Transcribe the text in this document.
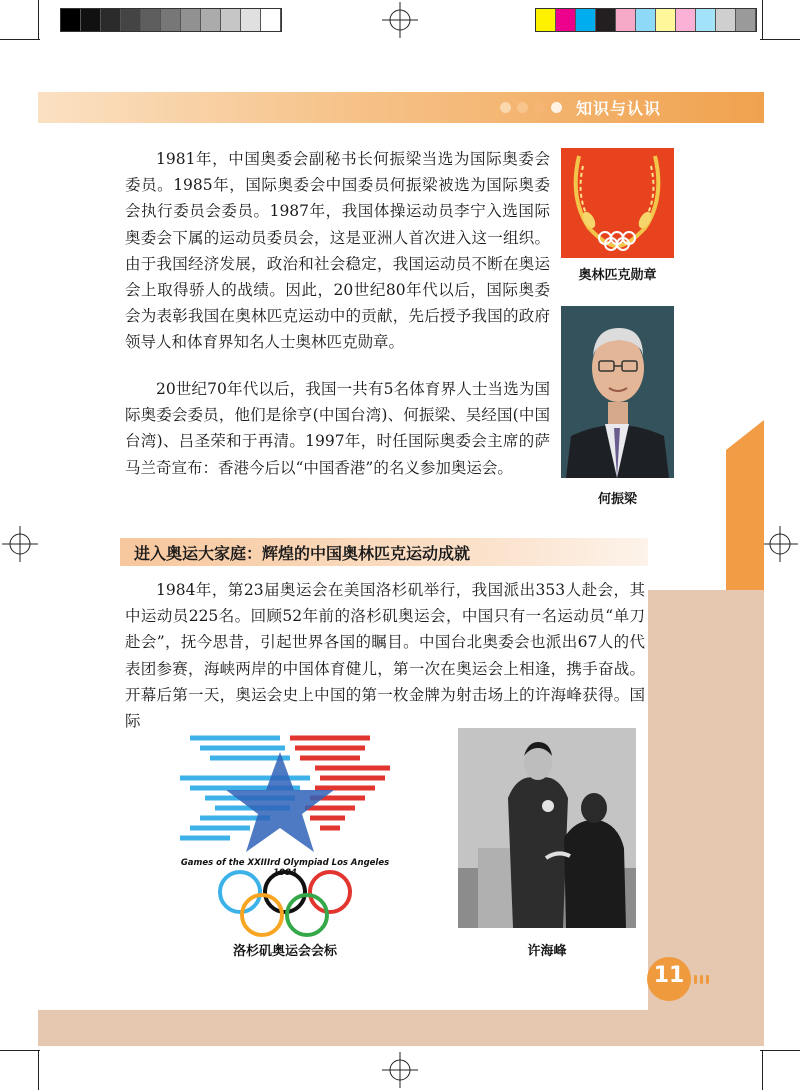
知识与认识

1981年，中国奥委会副秘书长何振梁当选为国际奥委会委员。1985年，国际奥委会中国委员何振梁被选为国际奥委会执行委员会委员。1987年，我国体操运动员李宁入选国际奥委会下属的运动员委员会，这是亚洲人首次进入这一组织。由于我国经济发展，政治和社会稳定，我国运动员不断在奥运会上取得骄人的战绩。因此，20世纪80年代以后，国际奥委会为表彰我国在奥林匹克运动中的贡献，先后授予我国的政府领导人和体育界知名人士奥林匹克勋章。

20世纪70年代以后，我国一共有5名体育界人士当选为国际奥委会委员，他们是徐亨(中国台湾)、何振梁、吴经国(中国台湾)、吕圣荣和于再清。1997年，时任国际奥委会主席的萨马兰奇宣布：香港今后以“中国香港”的名义参加奥运会。

奥林匹克勋章
何振梁
进入奥运大家庭：辉煌的中国奥林匹克运动成就

1984年，第23届奥运会在美国洛杉矶举行，我国派出353人赴会，其中运动员225名。回顾52年前的洛杉矶奥运会，中国只有一名运动员“单刀赴会”，抚今思昔，引起世界各国的瞩目。中国台北奥委会也派出67人的代表团参赛，海峡两岸的中国体育健儿，第一次在奥运会上相逢，携手奋战。开幕后第一天，奥运会史上中国的第一枚金牌为射击场上的许海峰获得。国际

Games of the XXIIIrd Olympiad Los Angeles 1984
洛杉矶奥运会会标	许海峰
11
